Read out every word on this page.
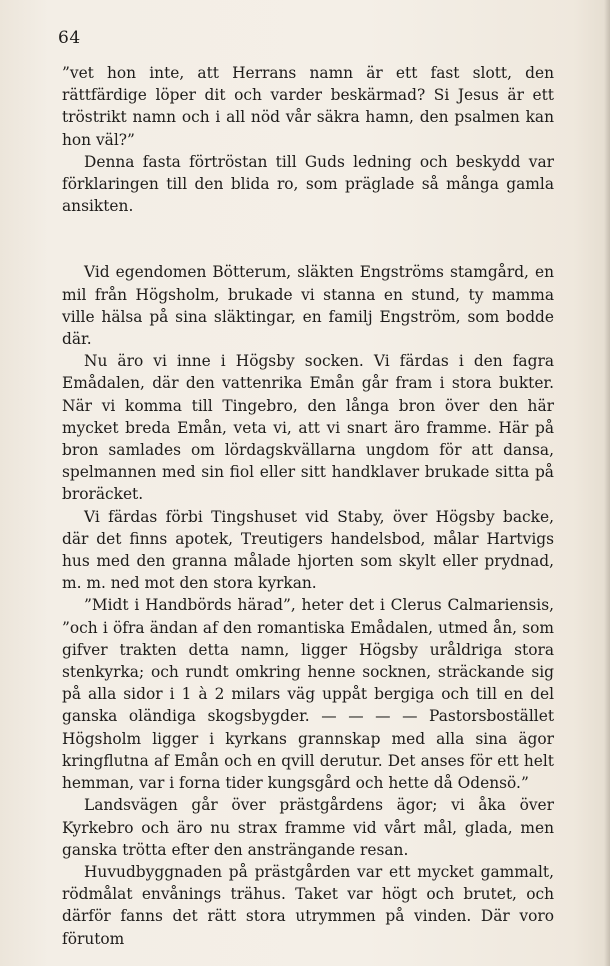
64

”vet hon inte, att Herrans namn är ett fast slott, den rättfärdige löper dit och varder beskärmad? Si Jesus är ett tröstrikt namn och i all nöd vår säkra hamn, den psalmen kan hon väl?”

Denna fasta förtröstan till Guds ledning och beskydd var förklaringen till den blida ro, som präglade så många gamla ansikten.

Vid egendomen Bötterum, släkten Engströms stamgård, en mil från Högsholm, brukade vi stanna en stund, ty mamma ville hälsa på sina släktingar, en familj Engström, som bodde där.

Nu äro vi inne i Högsby socken. Vi färdas i den fagra Emådalen, där den vattenrika Emån går fram i stora bukter. När vi komma till Tingebro, den långa bron över den här mycket breda Emån, veta vi, att vi snart äro framme. Här på bron samlades om lördagskvällarna ungdom för att dansa, spelmannen med sin fiol eller sitt handklaver brukade sitta på broräcket.

Vi färdas förbi Tingshuset vid Staby, över Högsby backe, där det finns apotek, Treutigers handelsbod, målar Hartvigs hus med den granna målade hjorten som skylt eller prydnad, m. m. ned mot den stora kyrkan.

”Midt i Handbörds härad”, heter det i Clerus Calmariensis, ”och i öfra ändan af den romantiska Emådalen, utmed ån, som gifver trakten detta namn, ligger Högsby uråldriga stora stenkyrka; och rundt omkring henne socknen, sträckande sig på alla sidor i 1 à 2 milars väg uppåt bergiga och till en del ganska oländiga skogsbygder. — — — — Pastorsbostället Högsholm ligger i kyrkans grannskap med alla sina ägor kringflutna af Emån och en qvill derutur. Det anses för ett helt hemman, var i forna tider kungsgård och hette då Odensö.”

Landsvägen går över prästgårdens ägor; vi åka över Kyrkebro och äro nu strax framme vid vårt mål, glada, men ganska trötta efter den ansträngande resan.

Huvudbyggnaden på prästgården var ett mycket gammalt, rödmålat envånings trähus. Taket var högt och brutet, och därför fanns det rätt stora utrymmen på vinden. Där voro förutom
